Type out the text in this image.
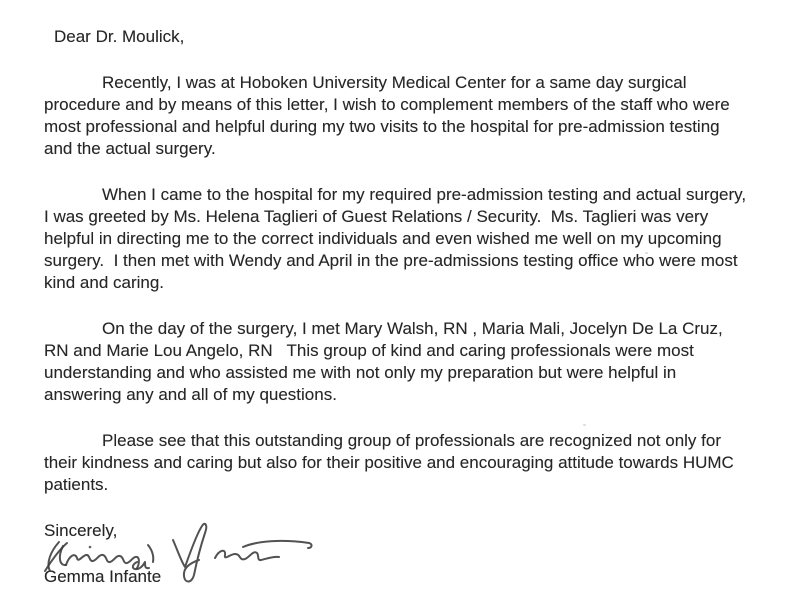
Dear Dr. Moulick,

Recently, I was at Hoboken University Medical Center for a same day surgical procedure and by means of this letter, I wish to complement members of the staff who were most professional and helpful during my two visits to the hospital for pre-admission testing and the actual surgery.

When I came to the hospital for my required pre-admission testing and actual surgery, I was greeted by Ms. Helena Taglieri of Guest Relations / Security.  Ms. Taglieri was very helpful in directing me to the correct individuals and even wished me well on my upcoming surgery.  I then met with Wendy and April in the pre-admissions testing office who were most kind and caring.

On the day of the surgery, I met Mary Walsh, RN , Maria Mali, Jocelyn De La Cruz, RN and Marie Lou Angelo, RN   This group of kind and caring professionals were most understanding and who assisted me with not only my preparation but were helpful in answering any and all of my questions.

Please see that this outstanding group of professionals are recognized not only for their kindness and caring but also for their positive and encouraging attitude towards HUMC patients.

Sincerely,
Gemma Infante
